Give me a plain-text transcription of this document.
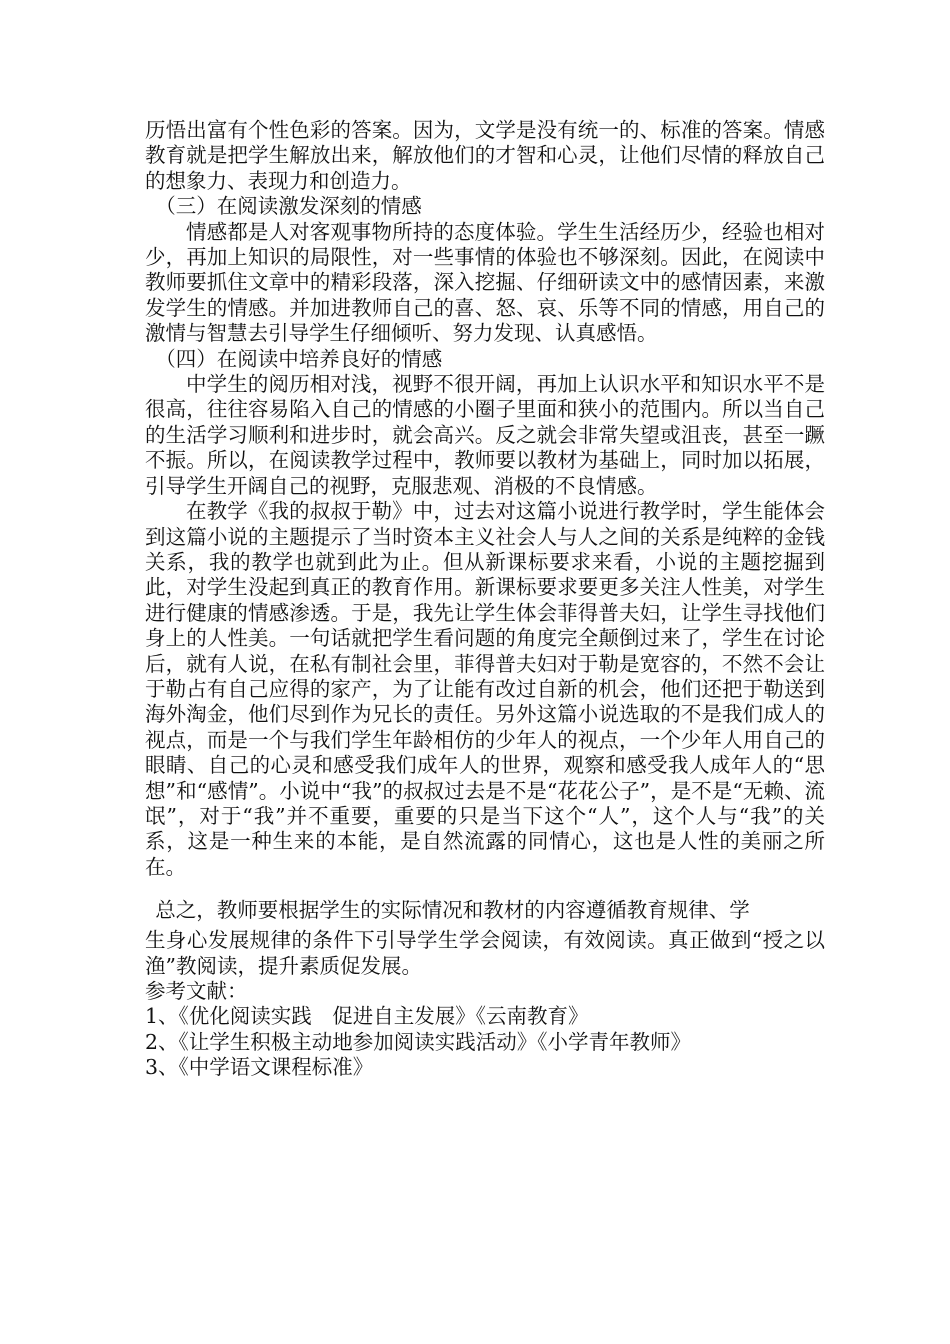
历悟出富有个性色彩的答案。因为，文学是没有统一的、标准的答案。情感教育就是把学生解放出来，解放他们的才智和心灵，让他们尽情的释放自己的想象力、表现力和创造力。

（三）在阅读激发深刻的情感

情感都是人对客观事物所持的态度体验。学生生活经历少，经验也相对少，再加上知识的局限性，对一些事情的体验也不够深刻。因此，在阅读中教师要抓住文章中的精彩段落，深入挖掘、仔细研读文中的感情因素，来激发学生的情感。并加进教师自己的喜、怒、哀、乐等不同的情感，用自己的激情与智慧去引导学生仔细倾听、努力发现、认真感悟。

（四）在阅读中培养良好的情感

中学生的阅历相对浅，视野不很开阔，再加上认识水平和知识水平不是很高，往往容易陷入自己的情感的小圈子里面和狭小的范围内。所以当自己的生活学习顺利和进步时，就会高兴。反之就会非常失望或沮丧，甚至一蹶不振。所以，在阅读教学过程中，教师要以教材为基础上，同时加以拓展，引导学生开阔自己的视野，克服悲观、消极的不良情感。

在教学《我的叔叔于勒》中，过去对这篇小说进行教学时，学生能体会到这篇小说的主题提示了当时资本主义社会人与人之间的关系是纯粹的金钱关系，我的教学也就到此为止。但从新课标要求来看，小说的主题挖掘到此，对学生没起到真正的教育作用。新课标要求要更多关注人性美，对学生进行健康的情感渗透。于是，我先让学生体会菲得普夫妇，让学生寻找他们身上的人性美。一句话就把学生看问题的角度完全颠倒过来了，学生在讨论后，就有人说，在私有制社会里，菲得普夫妇对于勒是宽容的，不然不会让于勒占有自己应得的家产，为了让能有改过自新的机会，他们还把于勒送到海外淘金，他们尽到作为兄长的责任。另外这篇小说选取的不是我们成人的视点，而是一个与我们学生年龄相仿的少年人的视点，一个少年人用自己的眼睛、自己的心灵和感受我们成年人的世界，观察和感受我人成年人的“思想”和“感情”。小说中“我”的叔叔过去是不是“花花公子”，是不是“无赖、流氓”，对于“我”并不重要，重要的只是当下这个“人”，这个人与“我”的关系，这是一种生来的本能，是自然流露的同情心，这也是人性的美丽之所在。

总之，教师要根据学生的实际情况和教材的内容遵循教育规律、学

生身心发展规律的条件下引导学生学会阅读，有效阅读。真正做到“授之以渔”教阅读，提升素质促发展。

参考文献：

1、《优化阅读实践　促进自主发展》《云南教育》

2、《让学生积极主动地参加阅读实践活动》《小学青年教师》

3、《中学语文课程标准》
